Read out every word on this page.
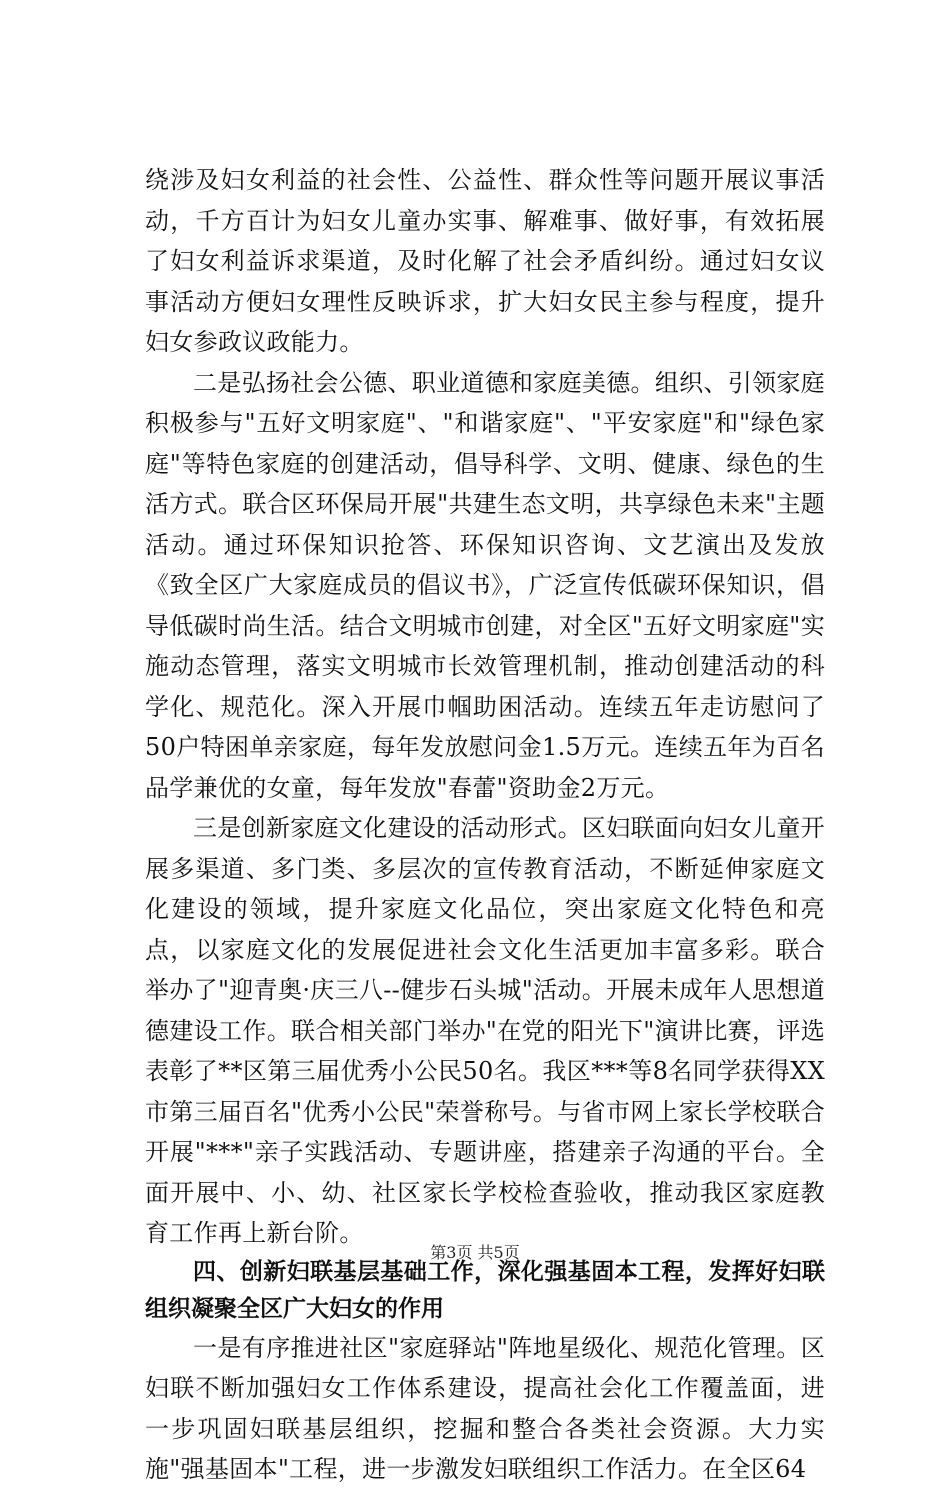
绕涉及妇女利益的社会性、公益性、群众性等问题开展议事活动，千方百计为妇女儿童办实事、解难事、做好事，有效拓展了妇女利益诉求渠道，及时化解了社会矛盾纠纷。通过妇女议事活动方便妇女理性反映诉求，扩大妇女民主参与程度，提升妇女参政议政能力。

二是弘扬社会公德、职业道德和家庭美德。组织、引领家庭积极参与"五好文明家庭"、"和谐家庭"、"平安家庭"和"绿色家庭"等特色家庭的创建活动，倡导科学、文明、健康、绿色的生活方式。联合区环保局开展"共建生态文明，共享绿色未来"主题活动。通过环保知识抢答、环保知识咨询、文艺演出及发放《致全区广大家庭成员的倡议书》，广泛宣传低碳环保知识，倡导低碳时尚生活。结合文明城市创建，对全区"五好文明家庭"实施动态管理，落实文明城市长效管理机制，推动创建活动的科学化、规范化。深入开展巾帼助困活动。连续五年走访慰问了50户特困单亲家庭，每年发放慰问金1.5万元。连续五年为百名品学兼优的女童，每年发放"春蕾"资助金2万元。

三是创新家庭文化建设的活动形式。区妇联面向妇女儿童开展多渠道、多门类、多层次的宣传教育活动，不断延伸家庭文化建设的领域，提升家庭文化品位，突出家庭文化特色和亮点，以家庭文化的发展促进社会文化生活更加丰富多彩。联合举办了"迎青奥·庆三八--健步石头城"活动。开展未成年人思想道德建设工作。联合相关部门举办"在党的阳光下"演讲比赛，评选表彰了**区第三届优秀小公民50名。我区***等8名同学获得XX市第三届百名"优秀小公民"荣誉称号。与省市网上家长学校联合开展"***"亲子实践活动、专题讲座，搭建亲子沟通的平台。全面开展中、小、幼、社区家长学校检查验收，推动我区家庭教育工作再上新台阶。

四、创新妇联基层基础工作，深化强基固本工程，发挥好妇联组织凝聚全区广大妇女的作用

一是有序推进社区"家庭驿站"阵地星级化、规范化管理。区妇联不断加强妇女工作体系建设，提高社会化工作覆盖面，进一步巩固妇联基层组织，挖掘和整合各类社会资源。大力实施"强基固本"工程，进一步激发妇联组织工作活力。在全区64

第3页 共5页
